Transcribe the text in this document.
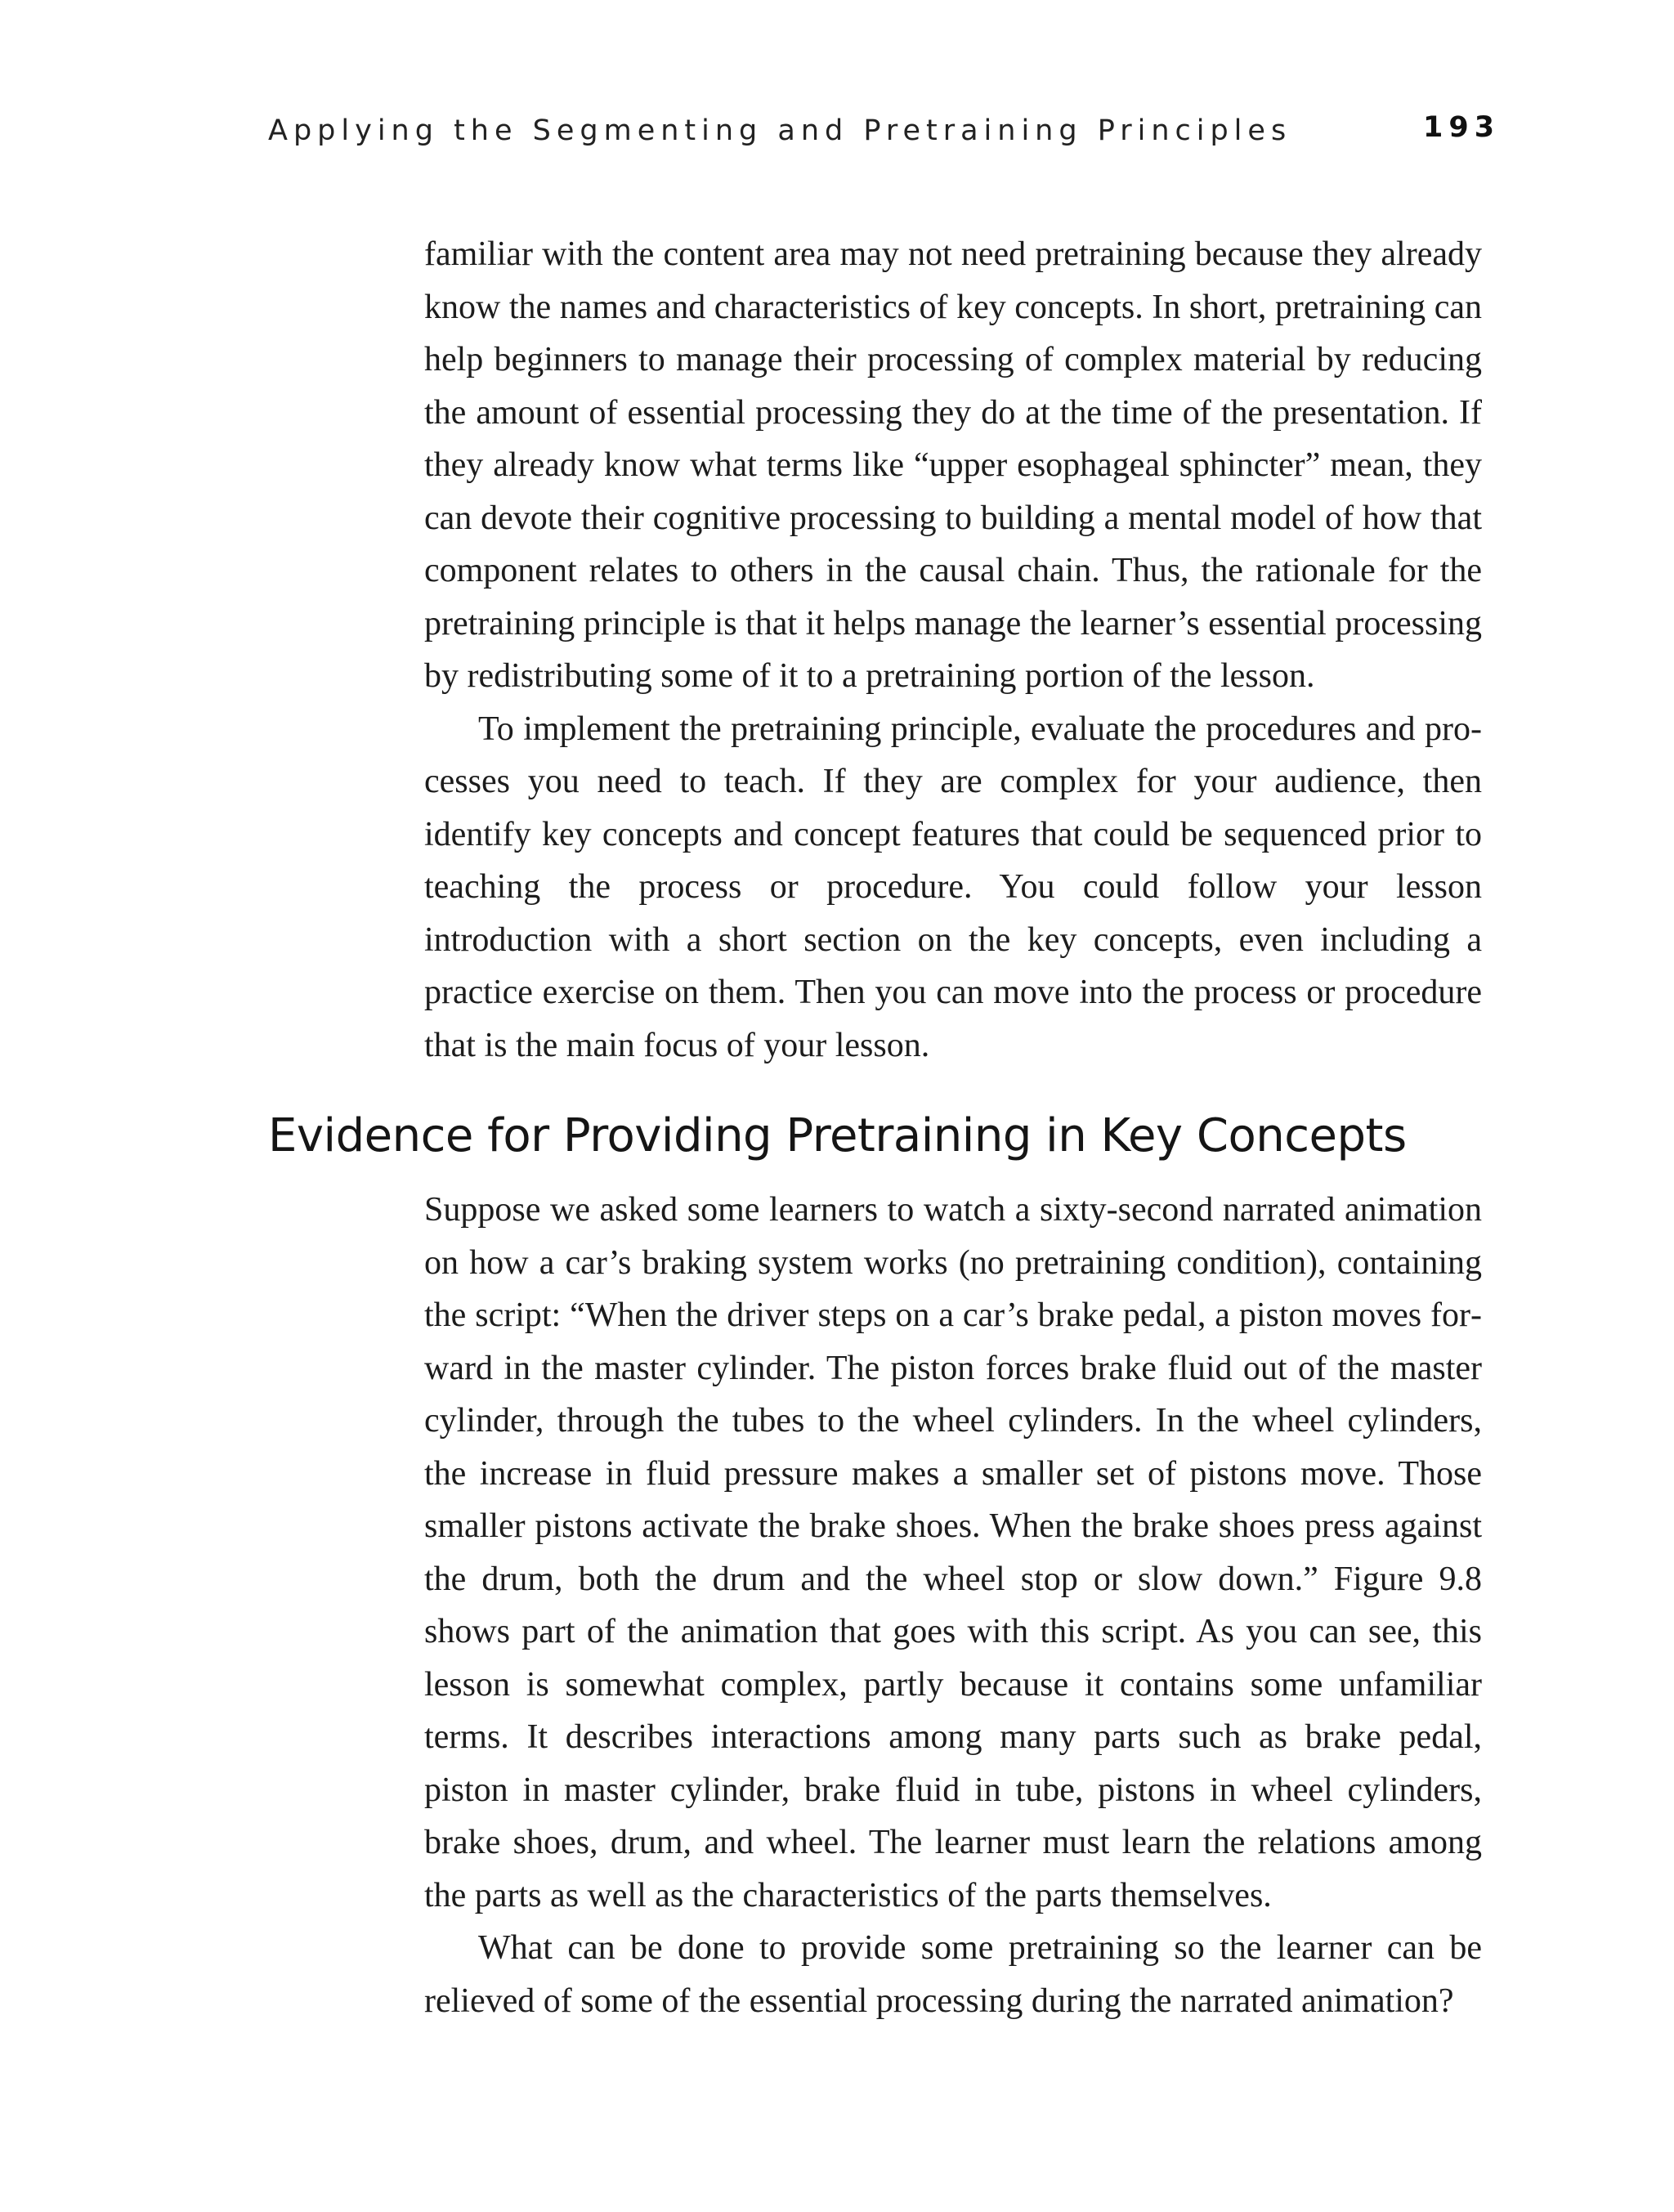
Applying the Segmenting and Pretraining Principles	193

familiar with the content area may not need pretraining because they already know the names and characteristics of key concepts. In short, pretraining can help beginners to manage their processing of complex material by reducing the amount of essential processing they do at the time of the presentation. If they already know what terms like “upper esophageal sphincter” mean, they can devote their cognitive processing to building a mental model of how that component relates to others in the causal chain. Thus, the rationale for the pretraining principle is that it helps manage the learner’s essential processing by redistributing some of it to a pretraining portion of the lesson.

To implement the pretraining principle, evaluate the procedures and processes you need to teach. If they are complex for your audience, then identify key concepts and concept features that could be sequenced prior to teaching the process or procedure. You could follow your lesson introduction with a short section on the key concepts, even including a practice exercise on them. Then you can move into the process or procedure that is the main focus of your lesson.

Evidence for Providing Pretraining in Key Concepts

Suppose we asked some learners to watch a sixty-second narrated animation on how a car’s braking system works (no pretraining condition), containing the script: “When the driver steps on a car’s brake pedal, a piston moves forward in the master cylinder. The piston forces brake fluid out of the master cylinder, through the tubes to the wheel cylinders. In the wheel cylinders, the increase in fluid pressure makes a smaller set of pistons move. Those smaller pistons activate the brake shoes. When the brake shoes press against the drum, both the drum and the wheel stop or slow down.” Figure 9.8 shows part of the animation that goes with this script. As you can see, this lesson is somewhat complex, partly because it contains some unfamiliar terms. It describes interactions among many parts such as brake pedal, piston in master cylinder, brake fluid in tube, pistons in wheel cylinders, brake shoes, drum, and wheel. The learner must learn the relations among the parts as well as the characteristics of the parts themselves.

What can be done to provide some pretraining so the learner can be relieved of some of the essential processing during the narrated animation?
